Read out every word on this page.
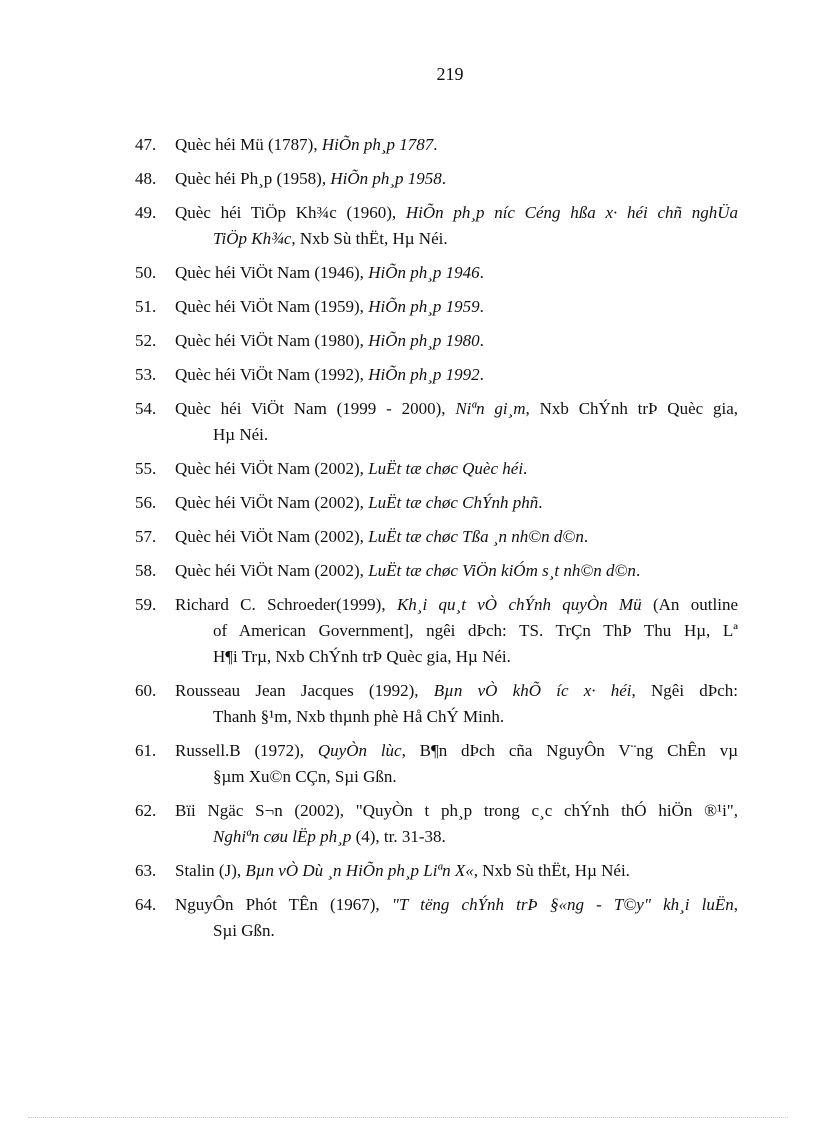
219
47. Quèc héi Mü (1787), HiÕn ph¸p 1787.
48. Quèc héi Ph¸p (1958), HiÕn ph¸p 1958.
49. Quèc héi TiÖp Kh¾c (1960), HiÕn ph¸p níc Céng hßa x· héi chñ nghÜa
TiÖp Kh¾c, Nxb Sù thËt, Hµ Néi.
50. Quèc héi ViÖt Nam (1946), HiÕn ph¸p 1946.
51. Quèc héi ViÖt Nam (1959), HiÕn ph¸p 1959.
52. Quèc héi ViÖt Nam (1980), HiÕn ph¸p 1980.
53. Quèc héi ViÖt Nam (1992), HiÕn ph¸p 1992.
54. Quèc héi ViÖt Nam (1999 - 2000), Niªn gi¸m, Nxb ChÝnh trÞ Quèc gia,
Hµ Néi.
55. Quèc héi ViÖt Nam (2002), LuËt tæ chøc Quèc héi.
56. Quèc héi ViÖt Nam (2002), LuËt tæ chøc ChÝnh phñ.
57. Quèc héi ViÖt Nam (2002), LuËt tæ chøc Tßa ¸n nh©n d©n.
58. Quèc héi ViÖt Nam (2002), LuËt tæ chøc ViÖn kiÓm s¸t nh©n d©n.
59. Richard C. Schroeder(1999), Kh¸i qu¸t vÒ chÝnh quyÒn Mü (An outline
of American Government], ngêi dÞch: TS. TrÇn ThÞ Thu Hµ, Lª
H¶i Trµ, Nxb ChÝnh trÞ Quèc gia, Hµ Néi.
60. Rousseau Jean Jacques (1992), Bµn vÒ khÕ íc x· héi, Ngêi dÞch:
Thanh §¹m, Nxb thµnh phè Hå ChÝ Minh.
61. Russell.B (1972), QuyÒn lùc, B¶n dÞch cña NguyÔn V¨ng ChÊn vµ
§µm Xu©n CÇn, Sµi Gßn.
62. Bïi Ngäc S¬n (2002), "QuyÒn t ph¸p trong c¸c chÝnh thÓ hiÖn ®¹i",
Nghiªn cøu lËp ph¸p (4), tr. 31-38.
63. Stalin (J), Bµn vÒ Dù ¸n HiÕn ph¸p Liªn X«, Nxb Sù thËt, Hµ Néi.
64. NguyÔn Phót TÊn (1967), "T tëng chÝnh trÞ §«ng - T©y" kh¸i luËn,
Sµi Gßn.
